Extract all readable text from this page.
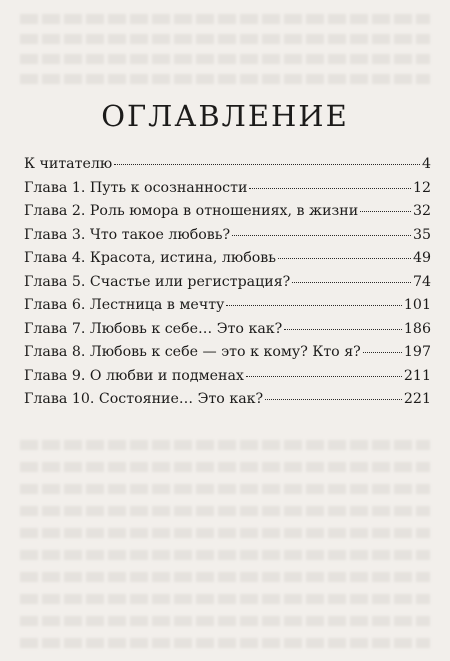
ОГЛАВЛЕНИЕ
К читателю	4
Глава 1. Путь к осознанности	12
Глава 2. Роль юмора в отношениях, в жизни	32
Глава 3. Что такое любовь?	35
Глава 4. Красота, истина, любовь	49
Глава 5. Счастье или регистрация?	74
Глава 6. Лестница в мечту	101
Глава 7. Любовь к себе… Это как?	186
Глава 8. Любовь к себе — это к кому? Кто я?	197
Глава 9. О любви и подменах	211
Глава 10. Состояние… Это как?	221
